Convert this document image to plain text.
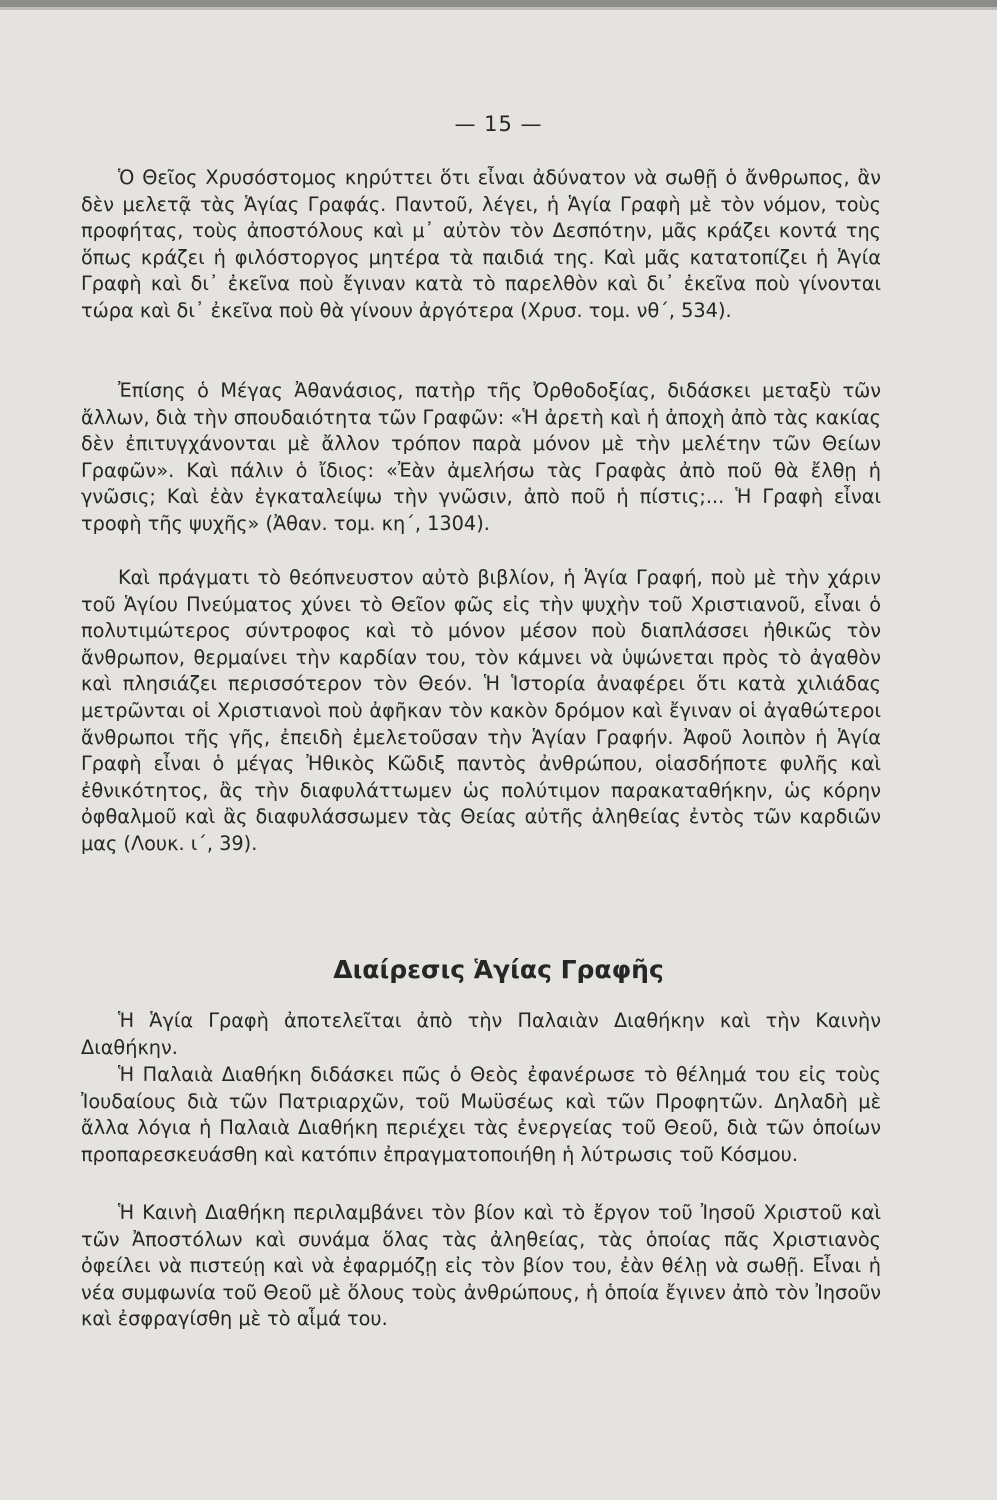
— 15 —

Ὁ Θεῖος Χρυσόστομος κηρύττει ὅτι εἶναι ἀδύνατον νὰ σωθῇ ὁ ἄνθρωπος, ἂν δὲν μελετᾷ τὰς Ἁγίας Γραφάς. Παντοῦ, λέγει, ἡ Ἁγία Γραφὴ μὲ τὸν νόμον, τοὺς προφήτας, τοὺς ἀποστόλους καὶ μ᾽ αὐτὸν τὸν Δεσπότην, μᾶς κράζει κοντά της ὅπως κράζει ἡ φιλόστοργος μητέρα τὰ παιδιά της. Καὶ μᾶς κατατοπίζει ἡ Ἁγία Γραφὴ καὶ δι᾽ ἐκεῖνα ποὺ ἔγιναν κατὰ τὸ παρελθὸν καὶ δι᾽ ἐκεῖνα ποὺ γίνονται τώρα καὶ δι᾽ ἐκεῖνα ποὺ θὰ γίνουν ἀργότερα (Χρυσ. τομ. νθ΄, 534).

Ἐπίσης ὁ Μέγας Ἀθανάσιος, πατὴρ τῆς Ὀρθοδοξίας, διδάσκει μεταξὺ τῶν ἄλλων, διὰ τὴν σπουδαιότητα τῶν Γραφῶν: «Ἡ ἀρετὴ καὶ ἡ ἀποχὴ ἀπὸ τὰς κακίας δὲν ἐπιτυγχάνονται μὲ ἄλλον τρόπον παρὰ μόνον μὲ τὴν μελέτην τῶν Θείων Γραφῶν». Καὶ πάλιν ὁ ἴδιος: «Ἐὰν ἀμελήσω τὰς Γραφὰς ἀπὸ ποῦ θὰ ἔλθῃ ἡ γνῶσις; Καὶ ἐὰν ἐγκαταλείψω τὴν γνῶσιν, ἀπὸ ποῦ ἡ πίστις;... Ἡ Γραφὴ εἶναι τροφὴ τῆς ψυχῆς» (Ἀθαν. τομ. κη΄, 1304).

Καὶ πράγματι τὸ θεόπνευστον αὐτὸ βιβλίον, ἡ Ἁγία Γραφή, ποὺ μὲ τὴν χάριν τοῦ Ἁγίου Πνεύματος χύνει τὸ Θεῖον φῶς εἰς τὴν ψυχὴν τοῦ Χριστιανοῦ, εἶναι ὁ πολυτιμώτερος σύντροφος καὶ τὸ μόνον μέσον ποὺ διαπλάσσει ἠθικῶς τὸν ἄνθρωπον, θερμαίνει τὴν καρδίαν του, τὸν κάμνει νὰ ὑψώνεται πρὸς τὸ ἀγαθὸν καὶ πλησιάζει περισσότερον τὸν Θεόν. Ἡ Ἱστορία ἀναφέρει ὅτι κατὰ χιλιάδας μετρῶνται οἱ Χριστιανοὶ ποὺ ἀφῆκαν τὸν κακὸν δρόμον καὶ ἔγιναν οἱ ἀγαθώτεροι ἄνθρωποι τῆς γῆς, ἐπειδὴ ἐμελετοῦσαν τὴν Ἁγίαν Γραφήν. Ἀφοῦ λοιπὸν ἡ Ἁγία Γραφὴ εἶναι ὁ μέγας Ἠθικὸς Κῶδιξ παντὸς ἀνθρώπου, οἱασδήποτε φυλῆς καὶ ἐθνικότητος, ἂς τὴν διαφυλάττωμεν ὡς πολύτιμον παρακαταθήκην, ὡς κόρην ὀφθαλμοῦ καὶ ἂς διαφυλάσσωμεν τὰς Θείας αὐτῆς ἀληθείας ἐντὸς τῶν καρδιῶν μας (Λουκ. ι΄, 39).

Διαίρεσις Ἁγίας Γραφῆς

Ἡ Ἁγία Γραφὴ ἀποτελεῖται ἀπὸ τὴν Παλαιὰν Διαθήκην καὶ τὴν Καινὴν Διαθήκην.

Ἡ Παλαιὰ Διαθήκη διδάσκει πῶς ὁ Θεὸς ἐφανέρωσε τὸ θέλημά του εἰς τοὺς Ἰουδαίους διὰ τῶν Πατριαρχῶν, τοῦ Μωϋσέως καὶ τῶν Προφητῶν. Δηλαδὴ μὲ ἄλλα λόγια ἡ Παλαιὰ Διαθήκη περιέχει τὰς ἐνεργείας τοῦ Θεοῦ, διὰ τῶν ὁποίων προπαρεσκευάσθη καὶ κατόπιν ἐπραγματοποιήθη ἡ λύτρωσις τοῦ Κόσμου.

Ἡ Καινὴ Διαθήκη περιλαμβάνει τὸν βίον καὶ τὸ ἔργον τοῦ Ἰησοῦ Χριστοῦ καὶ τῶν Ἀποστόλων καὶ συνάμα ὅλας τὰς ἀληθείας, τὰς ὁποίας πᾶς Χριστιανὸς ὀφείλει νὰ πιστεύῃ καὶ νὰ ἐφαρμόζῃ εἰς τὸν βίον του, ἐὰν θέλῃ νὰ σωθῇ. Εἶναι ἡ νέα συμφωνία τοῦ Θεοῦ μὲ ὅλους τοὺς ἀνθρώπους, ἡ ὁποία ἔγινεν ἀπὸ τὸν Ἰησοῦν καὶ ἐσφραγίσθη μὲ τὸ αἷμά του.
